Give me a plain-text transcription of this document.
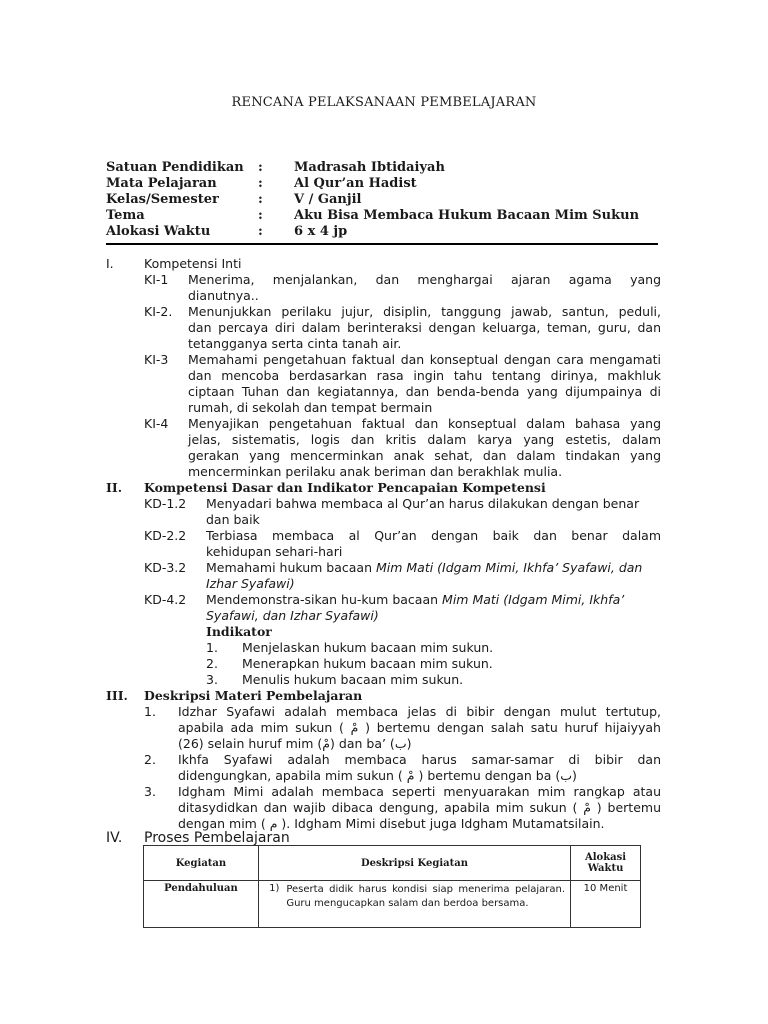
RENCANA PELAKSANAAN PEMBELAJARAN
Satuan Pendidikan : Madrasah Ibtidaiyah
Mata Pelajaran	: Al Qur’an Hadist
Kelas/Semester	: V / Ganjil
Tema	: Aku Bisa Membaca Hukum Bacaan Mim Sukun
Alokasi Waktu	: 6 x 4 jp
I. Kompetensi Inti
KI-1 Menerima, menjalankan, dan menghargai ajaran agama yang
dianutnya..
KI-2. Menunjukkan perilaku jujur, disiplin, tanggung jawab, santun, peduli,
dan percaya diri dalam berinteraksi dengan keluarga, teman, guru, dan
tetangganya serta cinta tanah air.
KI-3 Memahami pengetahuan faktual dan konseptual dengan cara mengamati
dan mencoba berdasarkan rasa ingin tahu tentang dirinya, makhluk
ciptaan Tuhan dan kegiatannya, dan benda-benda yang dijumpainya di
rumah, di sekolah dan tempat bermain
KI-4 Menyajikan pengetahuan faktual dan konseptual dalam bahasa yang
jelas, sistematis, logis dan kritis dalam karya yang estetis, dalam
gerakan yang mencerminkan anak sehat, dan dalam tindakan yang
mencerminkan perilaku anak beriman dan berakhlak mulia.
II. Kompetensi Dasar dan Indikator Pencapaian Kompetensi
KD-1.2 Menyadari bahwa membaca al Qur’an harus dilakukan dengan benar
dan baik
KD-2.2 Terbiasa membaca al Qur’an dengan baik dan benar dalam
kehidupan sehari-hari
KD-3.2 Memahami hukum bacaan Mim Mati (Idgam Mimi, Ikhfa’ Syafawi, dan
Izhar Syafawi)
KD-4.2 Mendemonstra-sikan hu-kum bacaan Mim Mati (Idgam Mimi, Ikhfa’
Syafawi, dan Izhar Syafawi)
Indikator
1. Menjelaskan hukum bacaan mim sukun.
2. Menerapkan hukum bacaan mim sukun.
3. Menulis hukum bacaan mim sukun.
III. Deskripsi Materi Pembelajaran
1. Idzhar Syafawi adalah membaca jelas di bibir dengan mulut tertutup,
apabila ada mim sukun ( مْ ) bertemu dengan salah satu huruf hijaiyyah
(26) selain huruf mim (مْ) dan ba’ (ب)
2. Ikhfa Syafawi adalah membaca harus samar-samar di bibir dan
didengungkan, apabila mim sukun ( مْ ) bertemu dengan ba (ب)
3. Idgham Mimi adalah membaca seperti menyuarakan mim rangkap atau
ditasydidkan dan wajib dibaca dengung, apabila mim sukun ( مْ ) bertemu
dengan mim ( م ). Idgham Mimi disebut juga Idgham Mutamatsilain.
IV. Proses Pembelajaran
Kegiatan	Deskripsi Kegiatan		Alokasi Waktu
Pendahuluan	1)	Peserta didik harus kondisi siap menerima pelajaran. Guru mengucapkan salam dan berdoa bersama.	10 Menit
